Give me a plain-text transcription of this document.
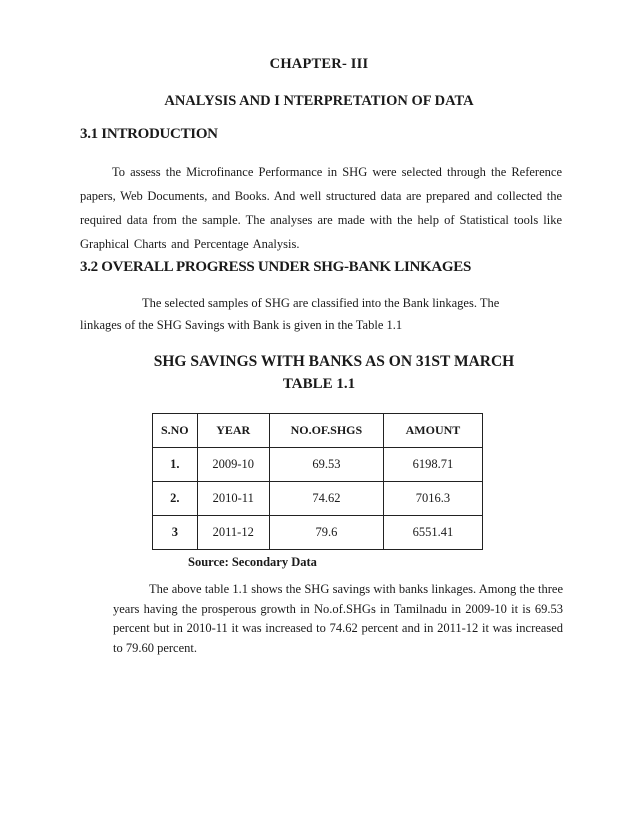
CHAPTER- III
ANALYSIS AND I NTERPRETATION OF DATA
3.1 INTRODUCTION
To assess the Microfinance Performance in SHG were selected through the Reference papers, Web Documents, and Books. And well structured data are prepared and collected the required data from the sample. The analyses are made with the help of Statistical tools like Graphical Charts and Percentage Analysis.
3.2 OVERALL PROGRESS UNDER SHG-BANK LINKAGES
The selected samples of SHG are classified into the Bank linkages. The linkages of the SHG Savings with Bank is given in the Table 1.1
SHG SAVINGS WITH BANKS AS ON 31ST MARCH
TABLE 1.1
S.NO	YEAR	NO.OF.SHGS	AMOUNT
1.	2009-10	69.53	6198.71
2.	2010-11	74.62	7016.3
3	2011-12	79.6	6551.41
Source: Secondary Data
The above table 1.1 shows the SHG savings with banks linkages. Among the three years having the prosperous growth in No.of.SHGs in Tamilnadu in 2009-10 it is 69.53 percent but in 2010-11 it was increased to 74.62 percent and in 2011-12 it was increased to 79.60 percent.
